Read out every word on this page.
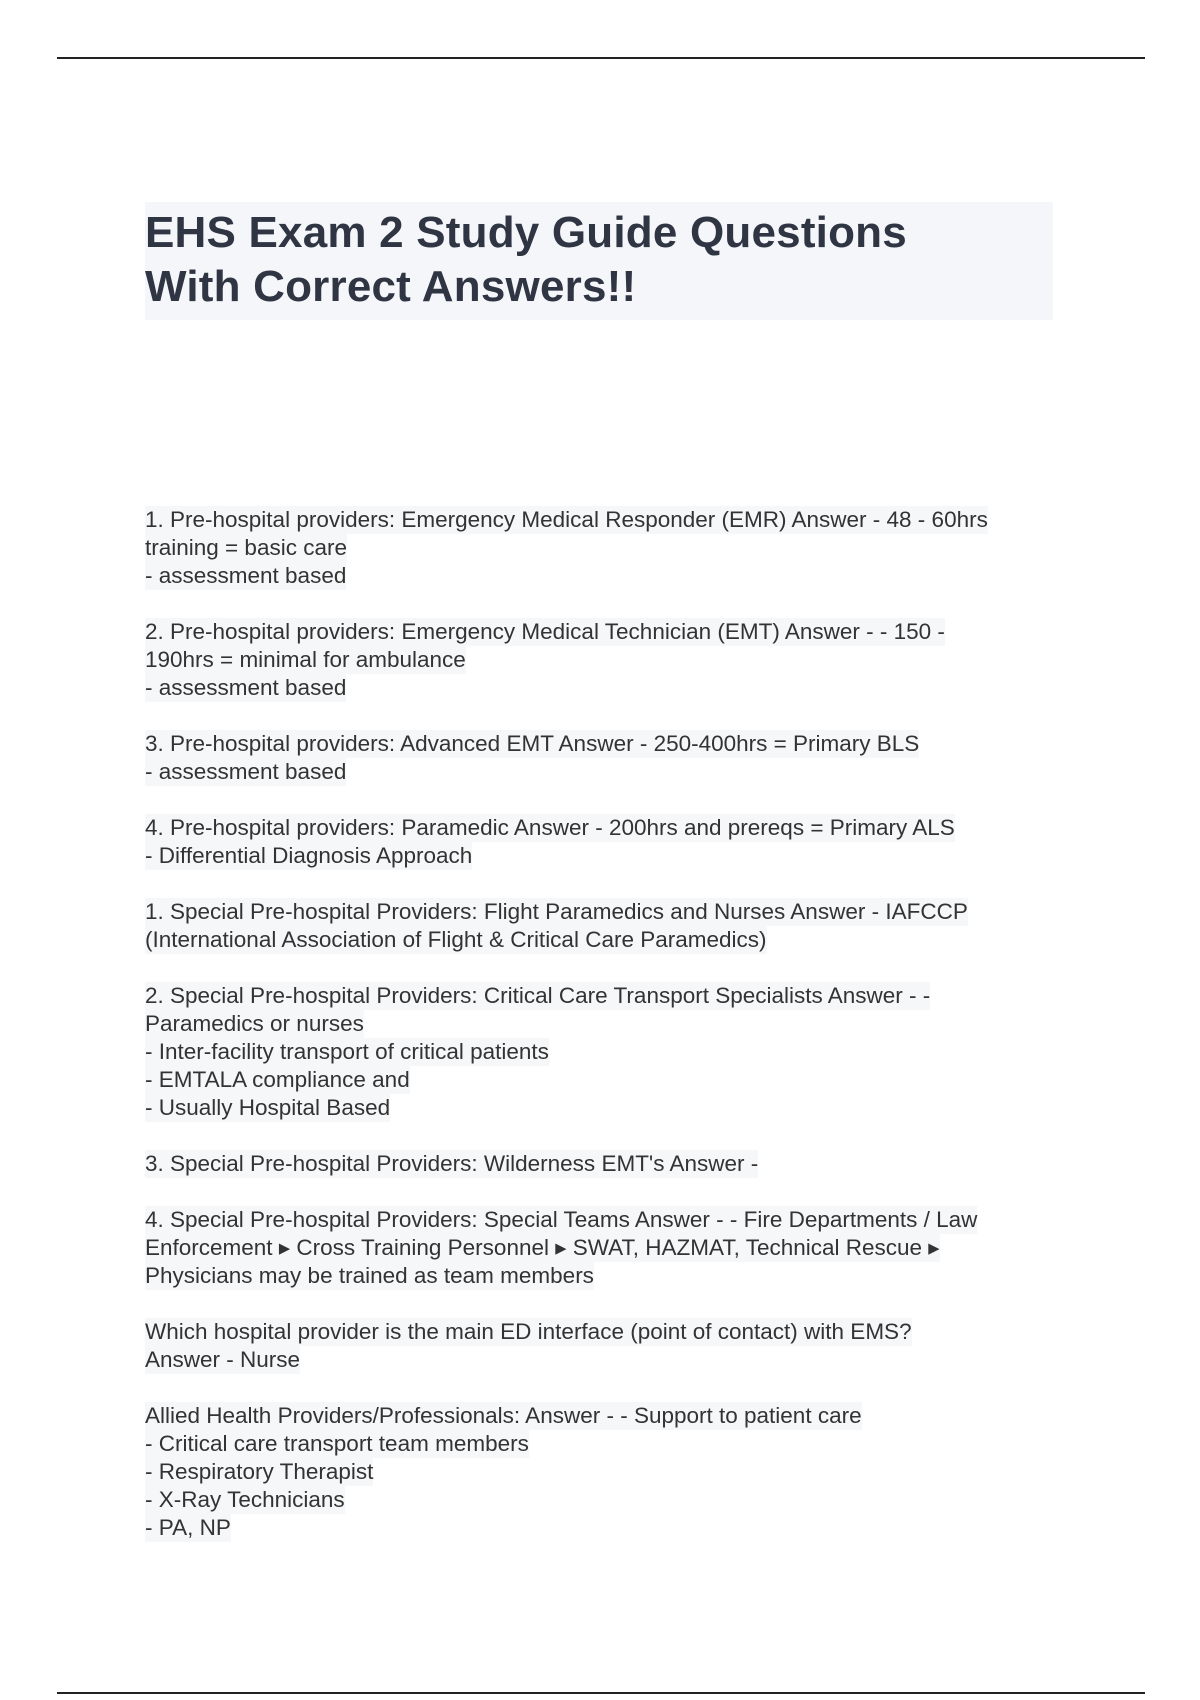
EHS Exam 2 Study Guide Questions
With Correct Answers!!
1. Pre-hospital providers: Emergency Medical Responder (EMR) Answer - 48 - 60hrs
training = basic care
- assessment based
2. Pre-hospital providers: Emergency Medical Technician (EMT) Answer - - 150 -
190hrs = minimal for ambulance
- assessment based
3. Pre-hospital providers: Advanced EMT Answer - 250-400hrs = Primary BLS
- assessment based
4. Pre-hospital providers: Paramedic Answer - 200hrs and prereqs = Primary ALS
- Differential Diagnosis Approach
1. Special Pre-hospital Providers: Flight Paramedics and Nurses Answer - IAFCCP
(International Association of Flight & Critical Care Paramedics)
2. Special Pre-hospital Providers: Critical Care Transport Specialists Answer - -
Paramedics or nurses
- Inter-facility transport of critical patients
- EMTALA compliance and
- Usually Hospital Based
3. Special Pre-hospital Providers: Wilderness EMT's Answer -
4. Special Pre-hospital Providers: Special Teams Answer - - Fire Departments / Law
Enforcement ▸ Cross Training Personnel ▸ SWAT, HAZMAT, Technical Rescue ▸
Physicians may be trained as team members
Which hospital provider is the main ED interface (point of contact) with EMS?
Answer - Nurse
Allied Health Providers/Professionals: Answer - - Support to patient care
- Critical care transport team members
- Respiratory Therapist
- X-Ray Technicians
- PA, NP
